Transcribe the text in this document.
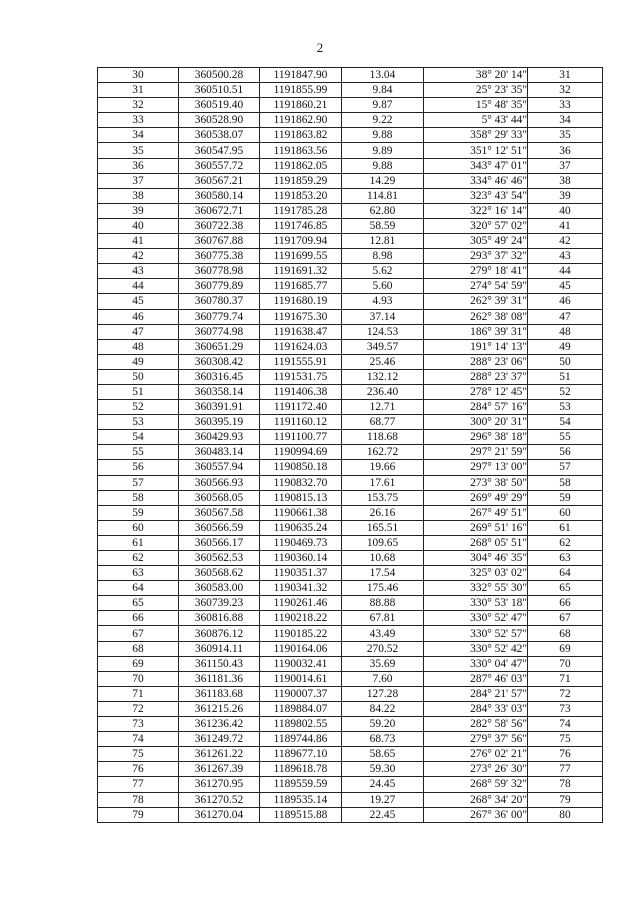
2
30	360500.28	1191847.90	13.04	38° 20' 14"	31
31	360510.51	1191855.99	9.84	25° 23' 35"	32
32	360519.40	1191860.21	9.87	15° 48' 35"	33
33	360528.90	1191862.90	9.22	5° 43' 44"	34
34	360538.07	1191863.82	9.88	358° 29' 33"	35
35	360547.95	1191863.56	9.89	351° 12' 51"	36
36	360557.72	1191862.05	9.88	343° 47' 01"	37
37	360567.21	1191859.29	14.29	334° 46' 46"	38
38	360580.14	1191853.20	114.81	323° 43' 54"	39
39	360672.71	1191785.28	62.80	322° 16' 14"	40
40	360722.38	1191746.85	58.59	320° 57' 02"	41
41	360767.88	1191709.94	12.81	305° 49' 24"	42
42	360775.38	1191699.55	8.98	293° 37' 32"	43
43	360778.98	1191691.32	5.62	279° 18' 41"	44
44	360779.89	1191685.77	5.60	274° 54' 59"	45
45	360780.37	1191680.19	4.93	262° 39' 31"	46
46	360779.74	1191675.30	37.14	262° 38' 08"	47
47	360774.98	1191638.47	124.53	186° 39' 31"	48
48	360651.29	1191624.03	349.57	191° 14' 13"	49
49	360308.42	1191555.91	25.46	288° 23' 06"	50
50	360316.45	1191531.75	132.12	288° 23' 37"	51
51	360358.14	1191406.38	236.40	278° 12' 45"	52
52	360391.91	1191172.40	12.71	284° 57' 16"	53
53	360395.19	1191160.12	68.77	300° 20' 31"	54
54	360429.93	1191100.77	118.68	296° 38' 18"	55
55	360483.14	1190994.69	162.72	297° 21' 59"	56
56	360557.94	1190850.18	19.66	297° 13' 00"	57
57	360566.93	1190832.70	17.61	273° 38' 50"	58
58	360568.05	1190815.13	153.75	269° 49' 29"	59
59	360567.58	1190661.38	26.16	267° 49' 51"	60
60	360566.59	1190635.24	165.51	269° 51' 16"	61
61	360566.17	1190469.73	109.65	268° 05' 51"	62
62	360562.53	1190360.14	10.68	304° 46' 35"	63
63	360568.62	1190351.37	17.54	325° 03' 02"	64
64	360583.00	1190341.32	175.46	332° 55' 30"	65
65	360739.23	1190261.46	88.88	330° 53' 18"	66
66	360816.88	1190218.22	67.81	330° 52' 47"	67
67	360876.12	1190185.22	43.49	330° 52' 57"	68
68	360914.11	1190164.06	270.52	330° 52' 42"	69
69	361150.43	1190032.41	35.69	330° 04' 47"	70
70	361181.36	1190014.61	7.60	287° 46' 03"	71
71	361183.68	1190007.37	127.28	284° 21' 57"	72
72	361215.26	1189884.07	84.22	284° 33' 03"	73
73	361236.42	1189802.55	59.20	282° 58' 56"	74
74	361249.72	1189744.86	68.73	279° 37' 56"	75
75	361261.22	1189677.10	58.65	276° 02' 21"	76
76	361267.39	1189618.78	59.30	273° 26' 30"	77
77	361270.95	1189559.59	24.45	268° 59' 32"	78
78	361270.52	1189535.14	19.27	268° 34' 20"	79
79	361270.04	1189515.88	22.45	267° 36' 00"	80
